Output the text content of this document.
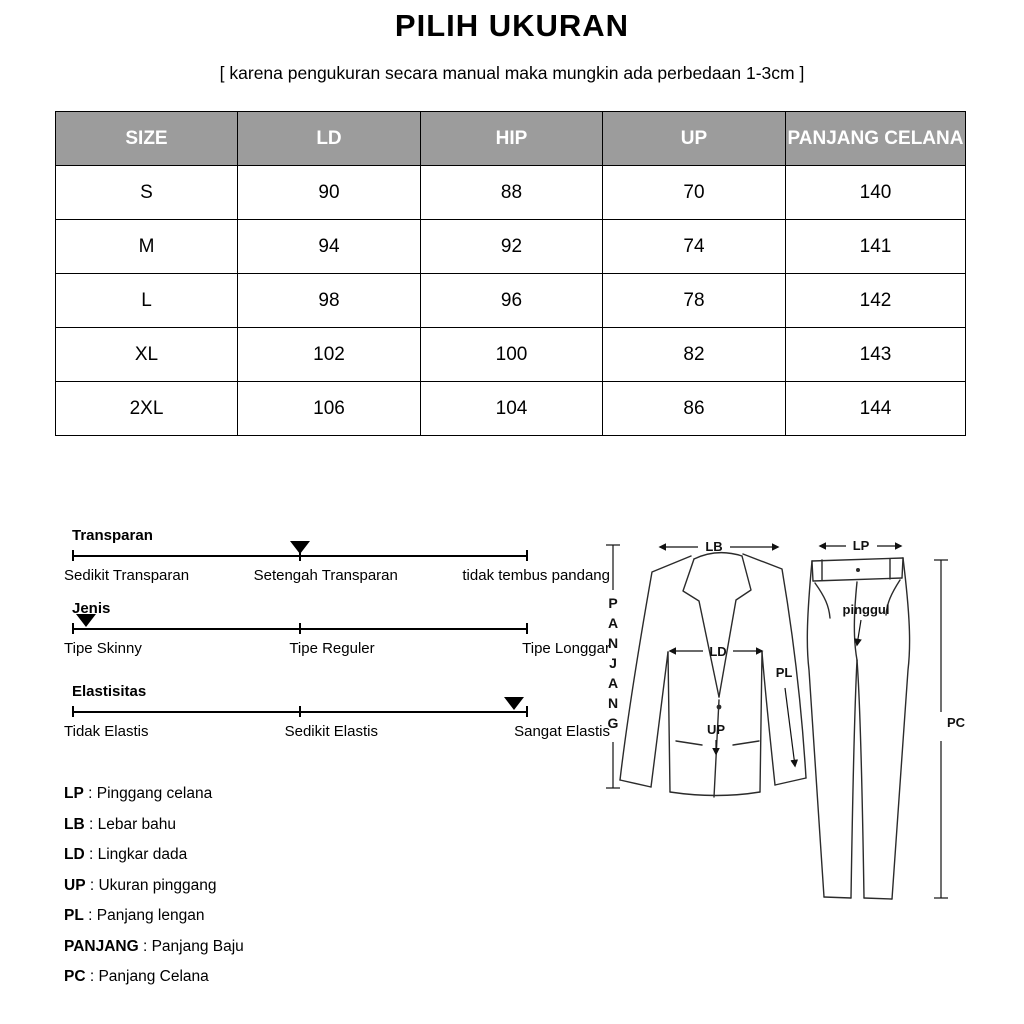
PILIH UKURAN
[ karena pengukuran secara manual maka mungkin ada perbedaan 1-3cm ]
SIZE	LD	HIP	UP	PANJANG CELANA
S	90	88	70	140
M	94	92	74	141
L	98	96	78	142
XL	102	100	82	143
2XL	106	104	86	144
Transparan
Sedikit Transparan	Setengah Transparan	tidak tembus pandang
Jenis
Tipe Skinny	Tipe Reguler	Tipe Longgar
Elastisitas
Tidak Elastis	Sedikit Elastis	Sangat Elastis
LP : Pinggang celana
LB : Lebar bahu
LD : Lingkar dada
UP : Ukuran pinggang
PL : Panjang lengan
PANJANG : Panjang Baju
PC : Panjang Celana
LB	LP
P A N J A N G
LD
PL
UP
pinggul
PC
